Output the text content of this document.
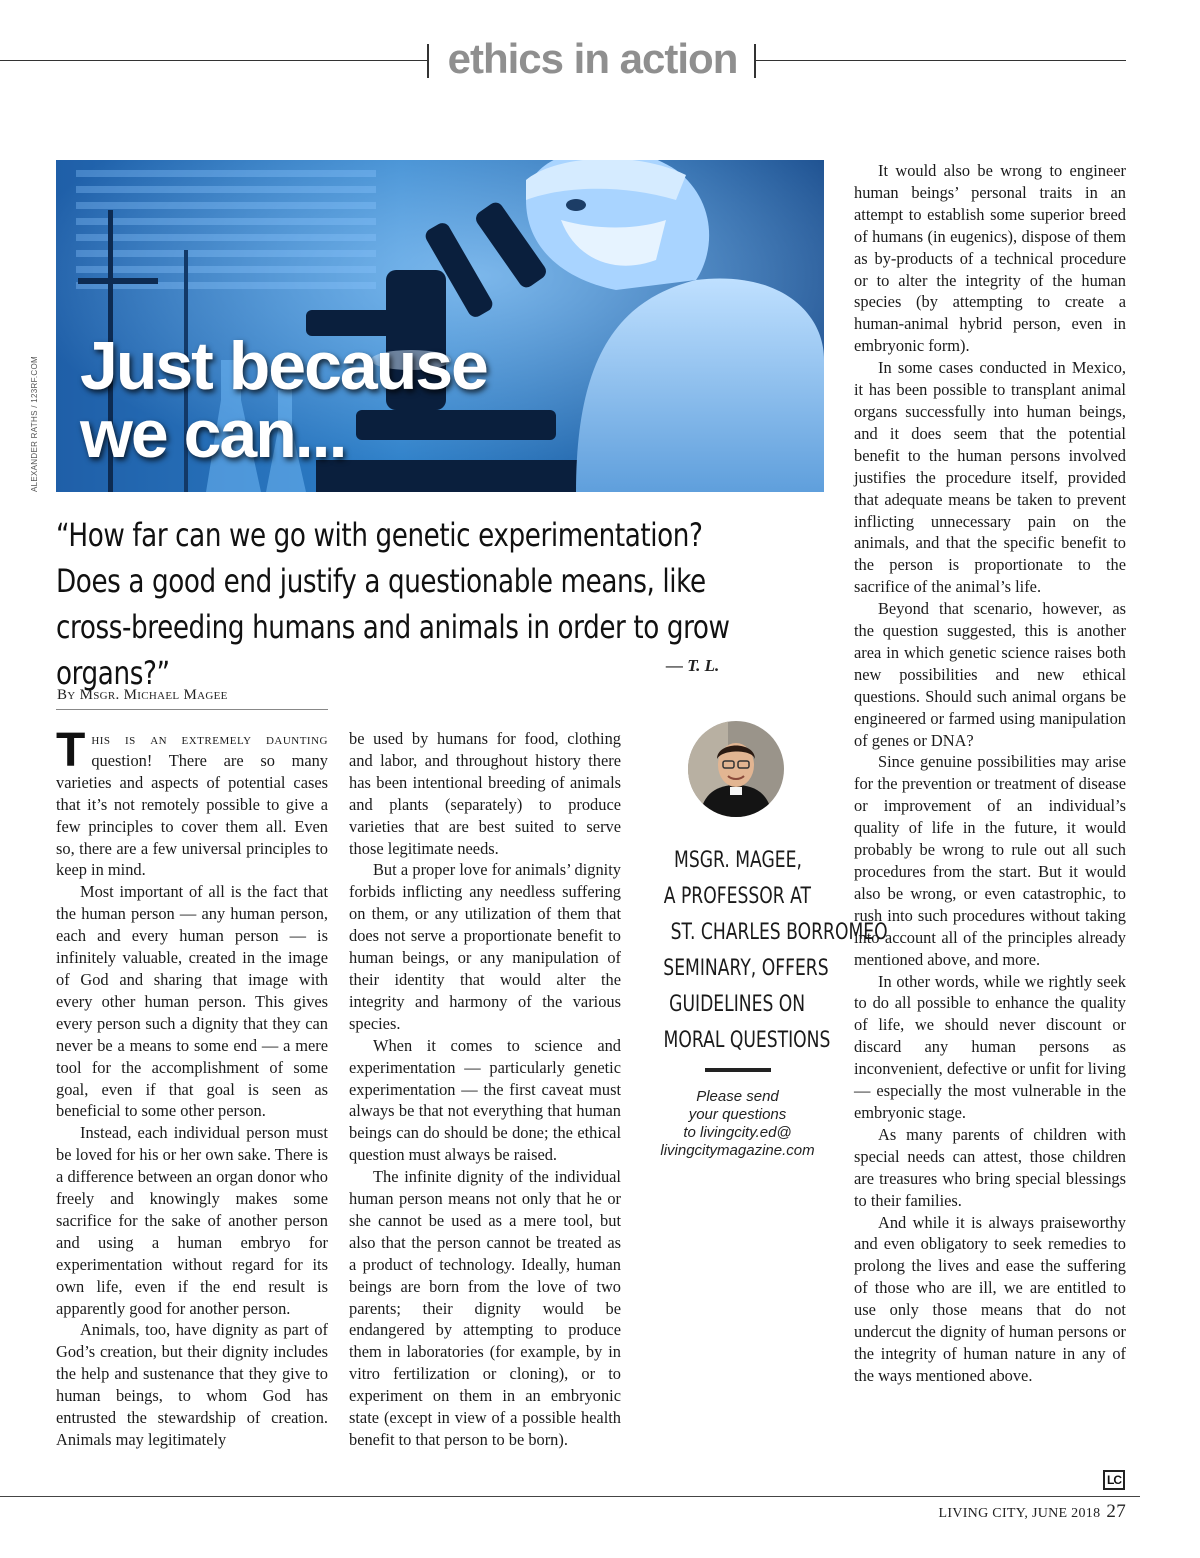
ethics in action
ALEXANDER RATHS / 123RF.COM Just because
we can...
“How far can we go with genetic experimentation? Does a good end justify a questionable means, like cross-breeding humans and animals in order to grow organs?”	— T. L.
By Msgr. Michael Magee

This is an extremely daunting question! There are so many varieties and aspects of potential cases that it’s not remotely possible to give a few principles to cover them all. Even so, there are a few universal principles to keep in mind.

Most important of all is the fact that the human person — any human person, each and every human person — is infinitely valuable, created in the image of God and sharing that image with every other human person. This gives every person such a dignity that they can never be a means to some end — a mere tool for the accomplishment of some goal, even if that goal is seen as beneficial to some other person.

Instead, each individual person must be loved for his or her own sake. There is a difference between an organ donor who freely and knowingly makes some sacrifice for the sake of another person and using a human embryo for experimentation without regard for its own life, even if the end result is apparently good for another person.

Animals, too, have dignity as part of God’s creation, but their dignity includes the help and sustenance that they give to human beings, to whom God has entrusted the stewardship of creation. Animals may legitimately

be used by humans for food, clothing and labor, and throughout history there has been intentional breeding of animals and plants (separately) to produce varieties that are best suited to serve those legitimate needs.

But a proper love for animals’ dignity forbids inflicting any needless suffering on them, or any utilization of them that does not serve a proportionate benefit to human beings, or any manipulation of their identity that would alter the integrity and harmony of the various species.

When it comes to science and experimentation — particularly genetic experimentation — the first caveat must always be that not everything that human beings can do should be done; the ethical question must always be raised.

The infinite dignity of the individual human person means not only that he or she cannot be used as a mere tool, but also that the person cannot be treated as a product of technology. Ideally, human beings are born from the love of two parents; their dignity would be endangered by attempting to produce them in laboratories (for example, by in vitro fertilization or cloning), or to experiment on them in an embryonic state (except in view of a possible health benefit to that person to be born).

MSGR. MAGEE,
A PROFESSOR AT
ST. CHARLES BORROMEO
SEMINARY, OFFERS
GUIDELINES ON
MORAL QUESTIONS
Please send
your questions
to livingcity.ed@
livingcitymagazine.com

It would also be wrong to engineer human beings’ personal traits in an attempt to establish some superior breed of humans (in eugenics), dispose of them as by-products of a technical procedure or to alter the integrity of the human species (by attempting to create a human-animal hybrid person, even in embryonic form).

In some cases conducted in Mexico, it has been possible to transplant animal organs successfully into human beings, and it does seem that the potential benefit to the human persons involved justifies the procedure itself, provided that adequate means be taken to prevent inflicting unnecessary pain on the animals, and that the specific benefit to the person is proportionate to the sacrifice of the animal’s life.

Beyond that scenario, however, as the question suggested, this is another area in which genetic science raises both new possibilities and new ethical questions. Should such animal organs be engineered or farmed using manipulation of genes or DNA?

Since genuine possibilities may arise for the prevention or treatment of disease or improvement of an individual’s quality of life in the future, it would probably be wrong to rule out all such procedures from the start. But it would also be wrong, or even catastrophic, to rush into such procedures without taking into account all of the principles already mentioned above, and more.

In other words, while we rightly seek to do all possible to enhance the quality of life, we should never discount or discard any human persons as inconvenient, defective or unfit for living — especially the most vulnerable in the embryonic stage.

As many parents of children with special needs can attest, those children are treasures who bring special blessings to their families.

And while it is always praiseworthy and even obligatory to seek remedies to prolong the lives and ease the suffering of those who are ill, we are entitled to use only those means that do not undercut the dignity of human persons or the integrity of human nature in any of the ways mentioned above.

LC
LIVING CITY, JUNE 2018 27
